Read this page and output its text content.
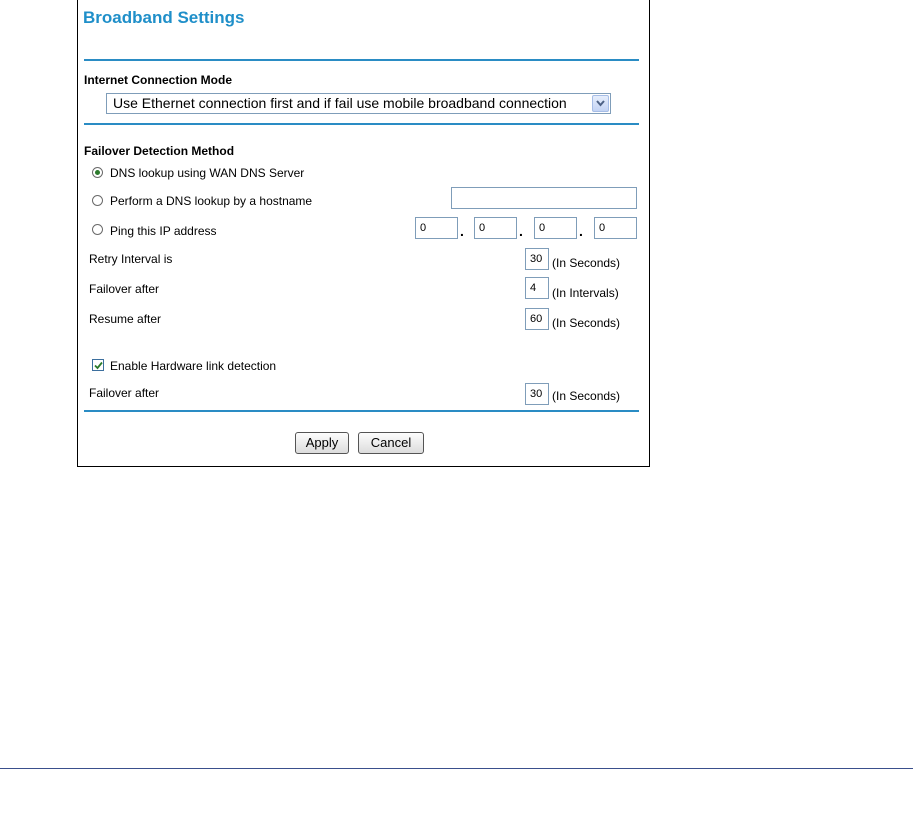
Broadband Settings
Internet Connection Mode
Use Ethernet connection first and if fail use mobile broadband connection
Failover Detection Method
DNS lookup using WAN DNS Server
Perform a DNS lookup by a hostname
Ping this IP address	0	.	0	.	0	.	0
Retry Interval is	30 (In Seconds)
Failover after	4	(In Intervals)
Resume after	60 (In Seconds)
Enable Hardware link detection
Failover after	30 (In Seconds)
Apply	Cancel
